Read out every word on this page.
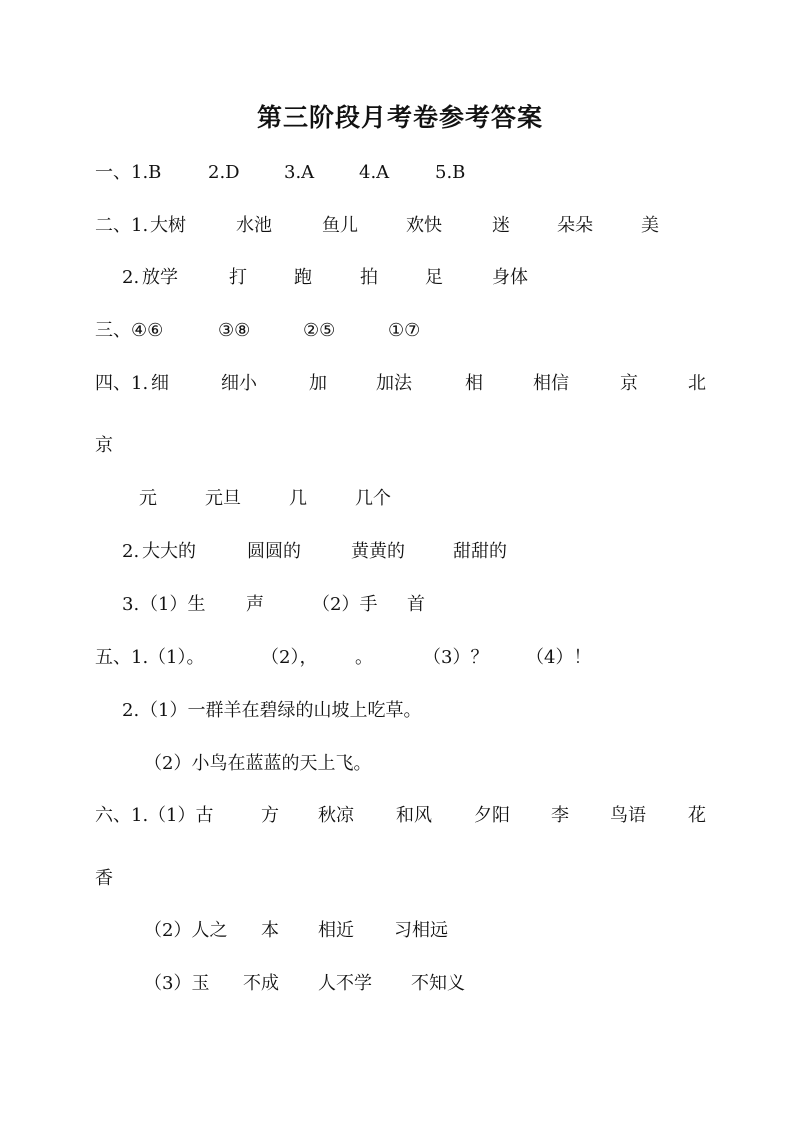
第三阶段月考卷参考答案
一、 1.B	2.D 3.A 4.A	5.B
二、 1. 大树	水池	鱼儿	欢快	迷	朵朵	美
2. 放学	打	跑	拍	足	身体
三、 ④⑥	③⑧	②⑤	①⑦
四、 1. 细	细小	加	加法	相	相信	京	北
京
元	元旦	几	几个
2. 大大的	圆圆的	黄黄的	甜甜的
3. （1）生 声	（2）手 首
五、 1. （1）。	（2）， 。	（3）？ （4）！
2. （1）一群羊在碧绿的山坡上吃草。
（2）小鸟在蓝蓝的天上飞。
六、 1. （1）古	方 秋凉 和风 夕阳 李 鸟语 花
香
（2）人之 本 相近 习相远
（3）玉 不成 人不学 不知义
